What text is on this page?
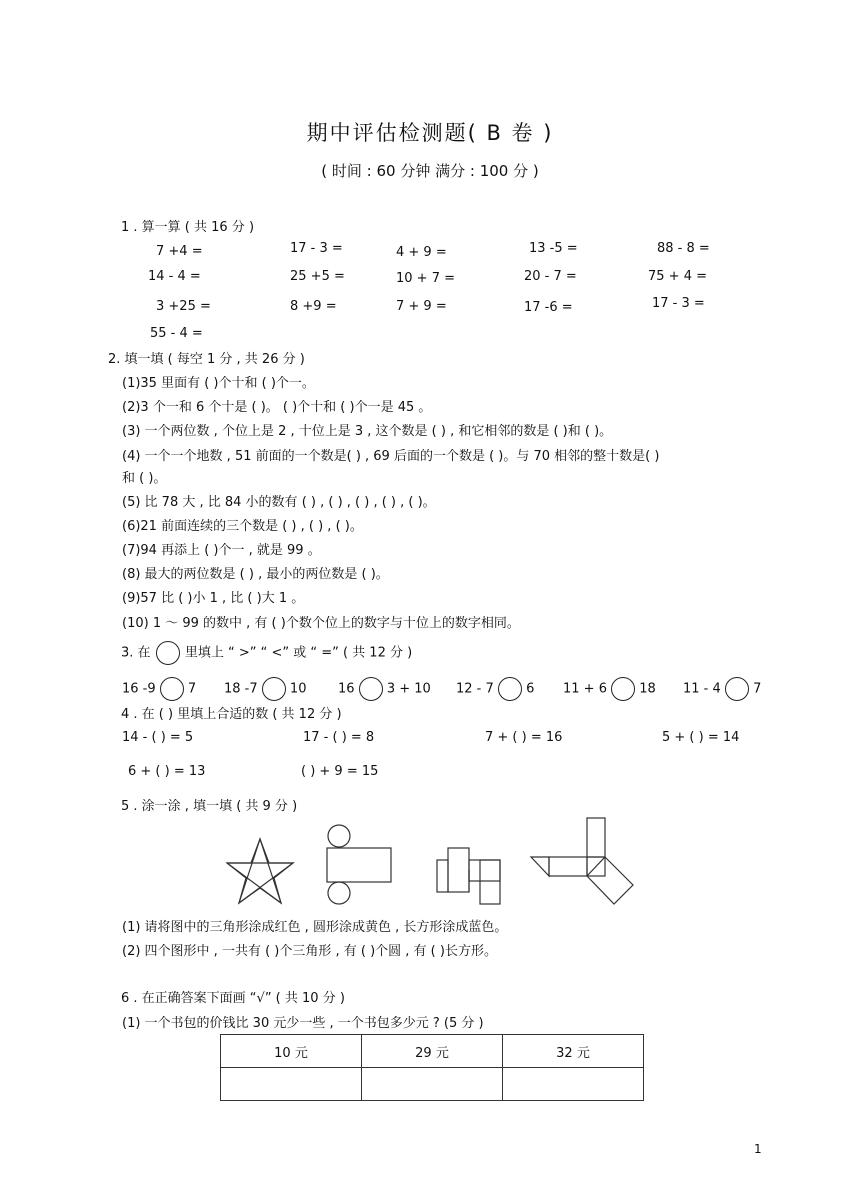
期中评估检测题( B 卷 )
( 时间 : 60 分钟 满分 : 100 分 )
1 . 算一算 ( 共 16 分 )
7 +4 =	17 - 3 =	4 + 9 =	13 -5 =	88 - 8 =
14 - 4 =	25 +5 =	10 + 7 =	20 - 7 =	75 + 4 =
3 +25 =	8 +9 =	7 + 9 =	17 -6 =	17 - 3 =
55 - 4 =
2. 填一填 ( 每空 1 分 , 共 26 分 )
(1)35 里面有 ( )个十和 ( )个一。
(2)3 个一和 6 个十是 ( )。 ( )个十和 ( )个一是 45 。
(3) 一个两位数 , 个位上是 2 , 十位上是 3 , 这个数是 ( ) , 和它相邻的数是 ( )和 ( )。
(4) 一个一个地数 , 51 前面的一个数是( ) , 69 后面的一个数是 ( )。与 70 相邻的整十数是( )
和 ( )。
(5) 比 78 大 , 比 84 小的数有 ( ) , ( ) , ( ) , ( ) , ( )。
(6)21 前面连续的三个数是 ( ) , ( ) , ( )。
(7)94 再添上 ( )个一 , 就是 99 。
(8) 最大的两位数是 ( ) , 最小的两位数是 ( )。
(9)57 比 ( )小 1 , 比 ( )大 1 。
(10) 1 ～ 99 的数中 , 有 ( )个数个位上的数字与十位上的数字相同。
3. 在	里填上 “ >” “ <” 或 “ =” ( 共 12 分 )
16 -9 7 18 -7 10 16 3 + 10 12 - 7 6 11 + 6 18 11 - 4 7
4 . 在 ( ) 里填上合适的数 ( 共 12 分 )
14 - ( ) = 5	17 - ( ) = 8	7 + ( ) = 16	5 + ( ) = 14
6 + ( ) = 13	( ) + 9 = 15
5 . 涂一涂 , 填一填 ( 共 9 分 )
(1) 请将图中的三角形涂成红色 , 圆形涂成黄色 , 长方形涂成蓝色。
(2) 四个图形中 , 一共有 ( )个三角形 , 有 ( )个圆 , 有 ( )长方形。
6 . 在正确答案下面画 “√” ( 共 10 分 )
(1) 一个书包的价钱比 30 元少一些 , 一个书包多少元 ? (5 分 )
10 元	29 元	32 元

1
